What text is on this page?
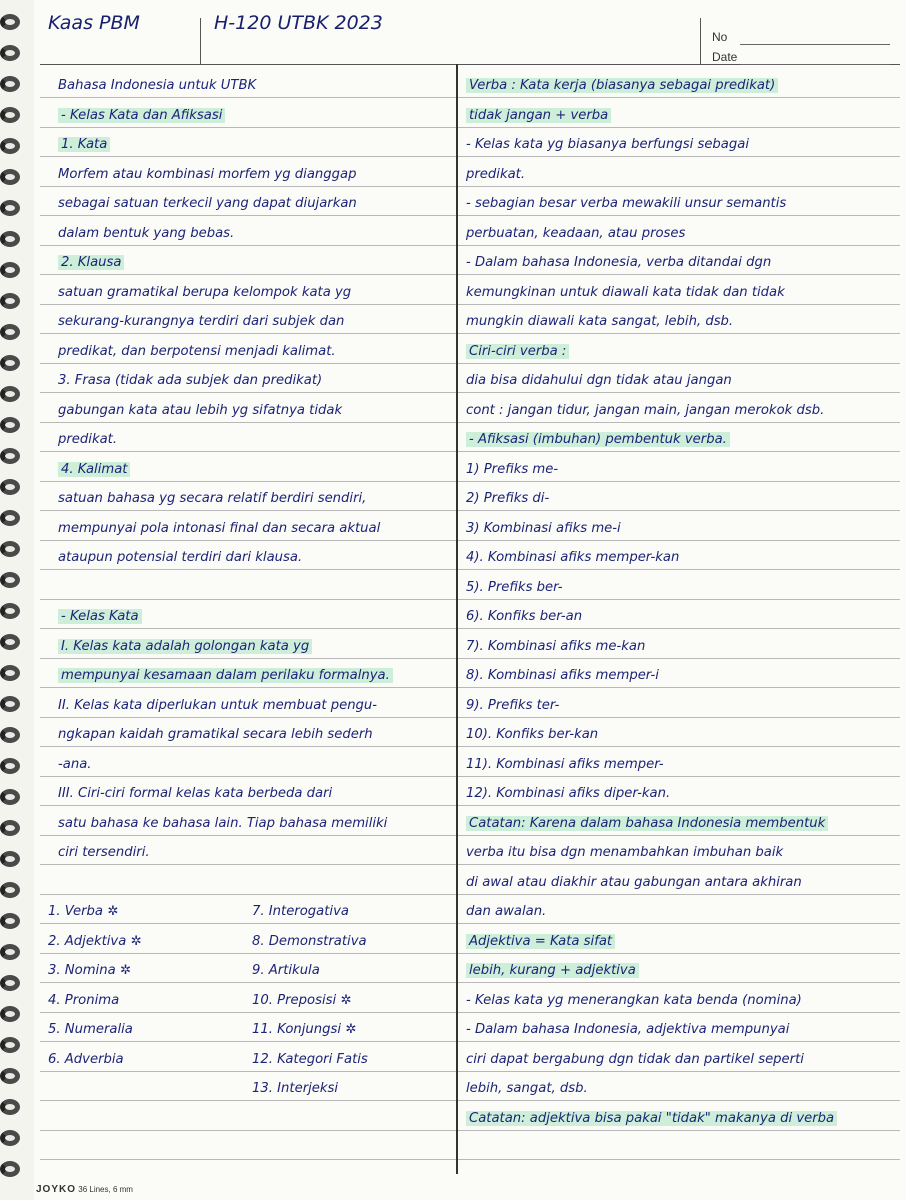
Kaas PBM	H-120 UTBK 2023
No
Date
Bahasa Indonesia untuk UTBK
- Kelas Kata dan Afiksasi
1. Kata
Morfem atau kombinasi morfem yg dianggap
sebagai satuan terkecil yang dapat diujarkan
dalam bentuk yang bebas.
2. Klausa
satuan gramatikal berupa kelompok kata yg
sekurang-kurangnya terdiri dari subjek dan
predikat, dan berpotensi menjadi kalimat.
3. Frasa (tidak ada subjek dan predikat)
gabungan kata atau lebih yg sifatnya tidak
predikat.
4. Kalimat
satuan bahasa yg secara relatif berdiri sendiri,
mempunyai pola intonasi final dan secara aktual
ataupun potensial terdiri dari klausa.
- Kelas Kata
I. Kelas kata adalah golongan kata yg
mempunyai kesamaan dalam perilaku formalnya.
II. Kelas kata diperlukan untuk membuat pengu-
ngkapan kaidah gramatikal secara lebih sederh
-ana.
III. Ciri-ciri formal kelas kata berbeda dari
satu bahasa ke bahasa lain. Tiap bahasa memiliki
ciri tersendiri.
Verba : Kata kerja (biasanya sebagai predikat)
tidak jangan + verba
- Kelas kata yg biasanya berfungsi sebagai
predikat.
- sebagian besar verba mewakili unsur semantis
perbuatan, keadaan, atau proses
- Dalam bahasa Indonesia, verba ditandai dgn
kemungkinan untuk diawali kata tidak dan tidak
mungkin diawali kata sangat, lebih, dsb.
Ciri-ciri verba :
dia bisa didahului dgn tidak atau jangan
cont : jangan tidur, jangan main, jangan merokok dsb.
- Afiksasi (imbuhan) pembentuk verba.
1) Prefiks me-
2) Prefiks di-
3) Kombinasi afiks me-i
4). Kombinasi afiks memper-kan
5). Prefiks ber-
6). Konfiks ber-an
7). Kombinasi afiks me-kan
8). Kombinasi afiks memper-i
9). Prefiks ter-
10). Konfiks ber-kan
11). Kombinasi afiks memper-
12). Kombinasi afiks diper-kan.
Catatan: Karena dalam bahasa Indonesia membentuk
verba itu bisa dgn menambahkan imbuhan baik
di awal atau diakhir atau gabungan antara akhiran
dan awalan.
Adjektiva = Kata sifat
lebih, kurang + adjektiva
- Kelas kata yg menerangkan kata benda (nomina)
- Dalam bahasa Indonesia, adjektiva mempunyai
ciri dapat bergabung dgn tidak dan partikel seperti
lebih, sangat, dsb.
Catatan: adjektiva bisa pakai "tidak" makanya di verba
1. Verba ✲
2. Adjektiva ✲
3. Nomina ✲
4. Pronima
5. Numeralia
6. Adverbia
7. Interogativa
8. Demonstrativa
9. Artikula
10. Preposisi ✲
11. Konjungsi ✲
12. Kategori Fatis
13. Interjeksi
JOYKO 36 Lines, 6 mm
